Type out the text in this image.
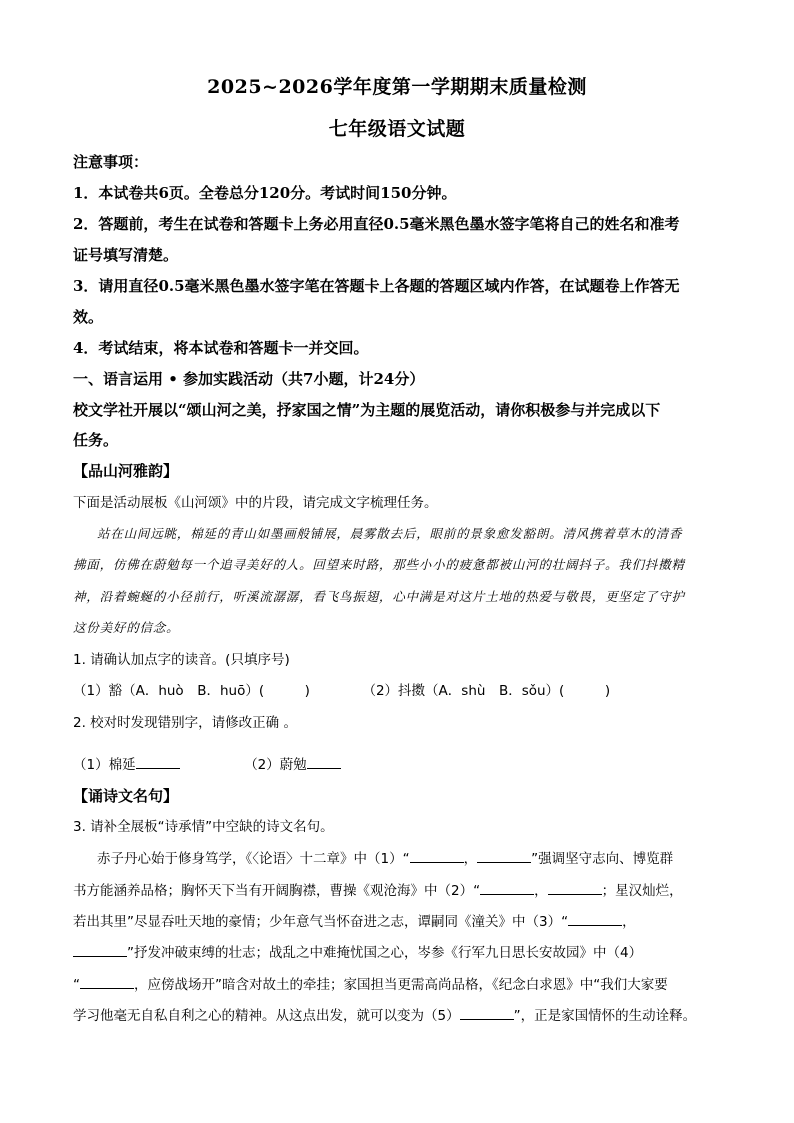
2025~2026学年度第一学期期末质量检测
七年级语文试题
注意事项：
1．本试卷共6页。全卷总分120分。考试时间150分钟。
2．答题前，考生在试卷和答题卡上务必用直径0.5毫米黑色墨水签字笔将自己的姓名和准考
证号填写清楚。
3．请用直径0.5毫米黑色墨水签字笔在答题卡上各题的答题区域内作答，在试题卷上作答无
效。
4．考试结束，将本试卷和答题卡一并交回。
一、语言运用 • 参加实践活动（共7小题，计24分）
校文学社开展以“颂山河之美，抒家国之情”为主题的展览活动，请你积极参与并完成以下
任务。
【品山河雅韵】
下面是活动展板《山河颂》中的片段，请完成文字梳理任务。
站在山间远眺，棉延的青山如墨画般铺展，晨雾散去后，眼前的景象愈发豁朗。清风携着草木的清香
拂面，仿佛在蔚勉每一个追寻美好的人。回望来时路，那些小小的疲惫都被山河的壮阔抖子。我们抖擞精
神，沿着蜿蜒的小径前行，听溪流潺潺，看飞鸟振翅，心中满是对这片土地的热爱与敬畏，更坚定了守护
这份美好的信念。
1. 请确认加点字的读音。(只填序号)
（1）豁（A．huò　B．huō）(　　　)	（2）抖擞（A．shù　B．sǒu）(　　　)
2. 校对时发现错别字，请修改正确 。
（1）棉延	（2）蔚勉
【诵诗文名句】
3. 请补全展板“诗承情”中空缺的诗文名句。
赤子丹心始于修身笃学，《〈论语〉十二章》中（1）“	，	”强调坚守志向、博览群
书方能涵养品格；胸怀天下当有开阔胸襟，曹操《观沧海》中（2）“	，	；星汉灿烂，
若出其里”尽显吞吐天地的豪情；少年意气当怀奋进之志，谭嗣同《潼关》中（3）“	，
”抒发冲破束缚的壮志；战乱之中难掩忧国之心，岑参《行军九日思长安故园》中（4）
“	，应傍战场开”暗含对故土的牵挂；家国担当更需高尚品格，《纪念白求恩》中“我们大家要
学习他毫无自私自利之心的精神。从这点出发，就可以变为（5）	”，正是家国情怀的生动诠释。
